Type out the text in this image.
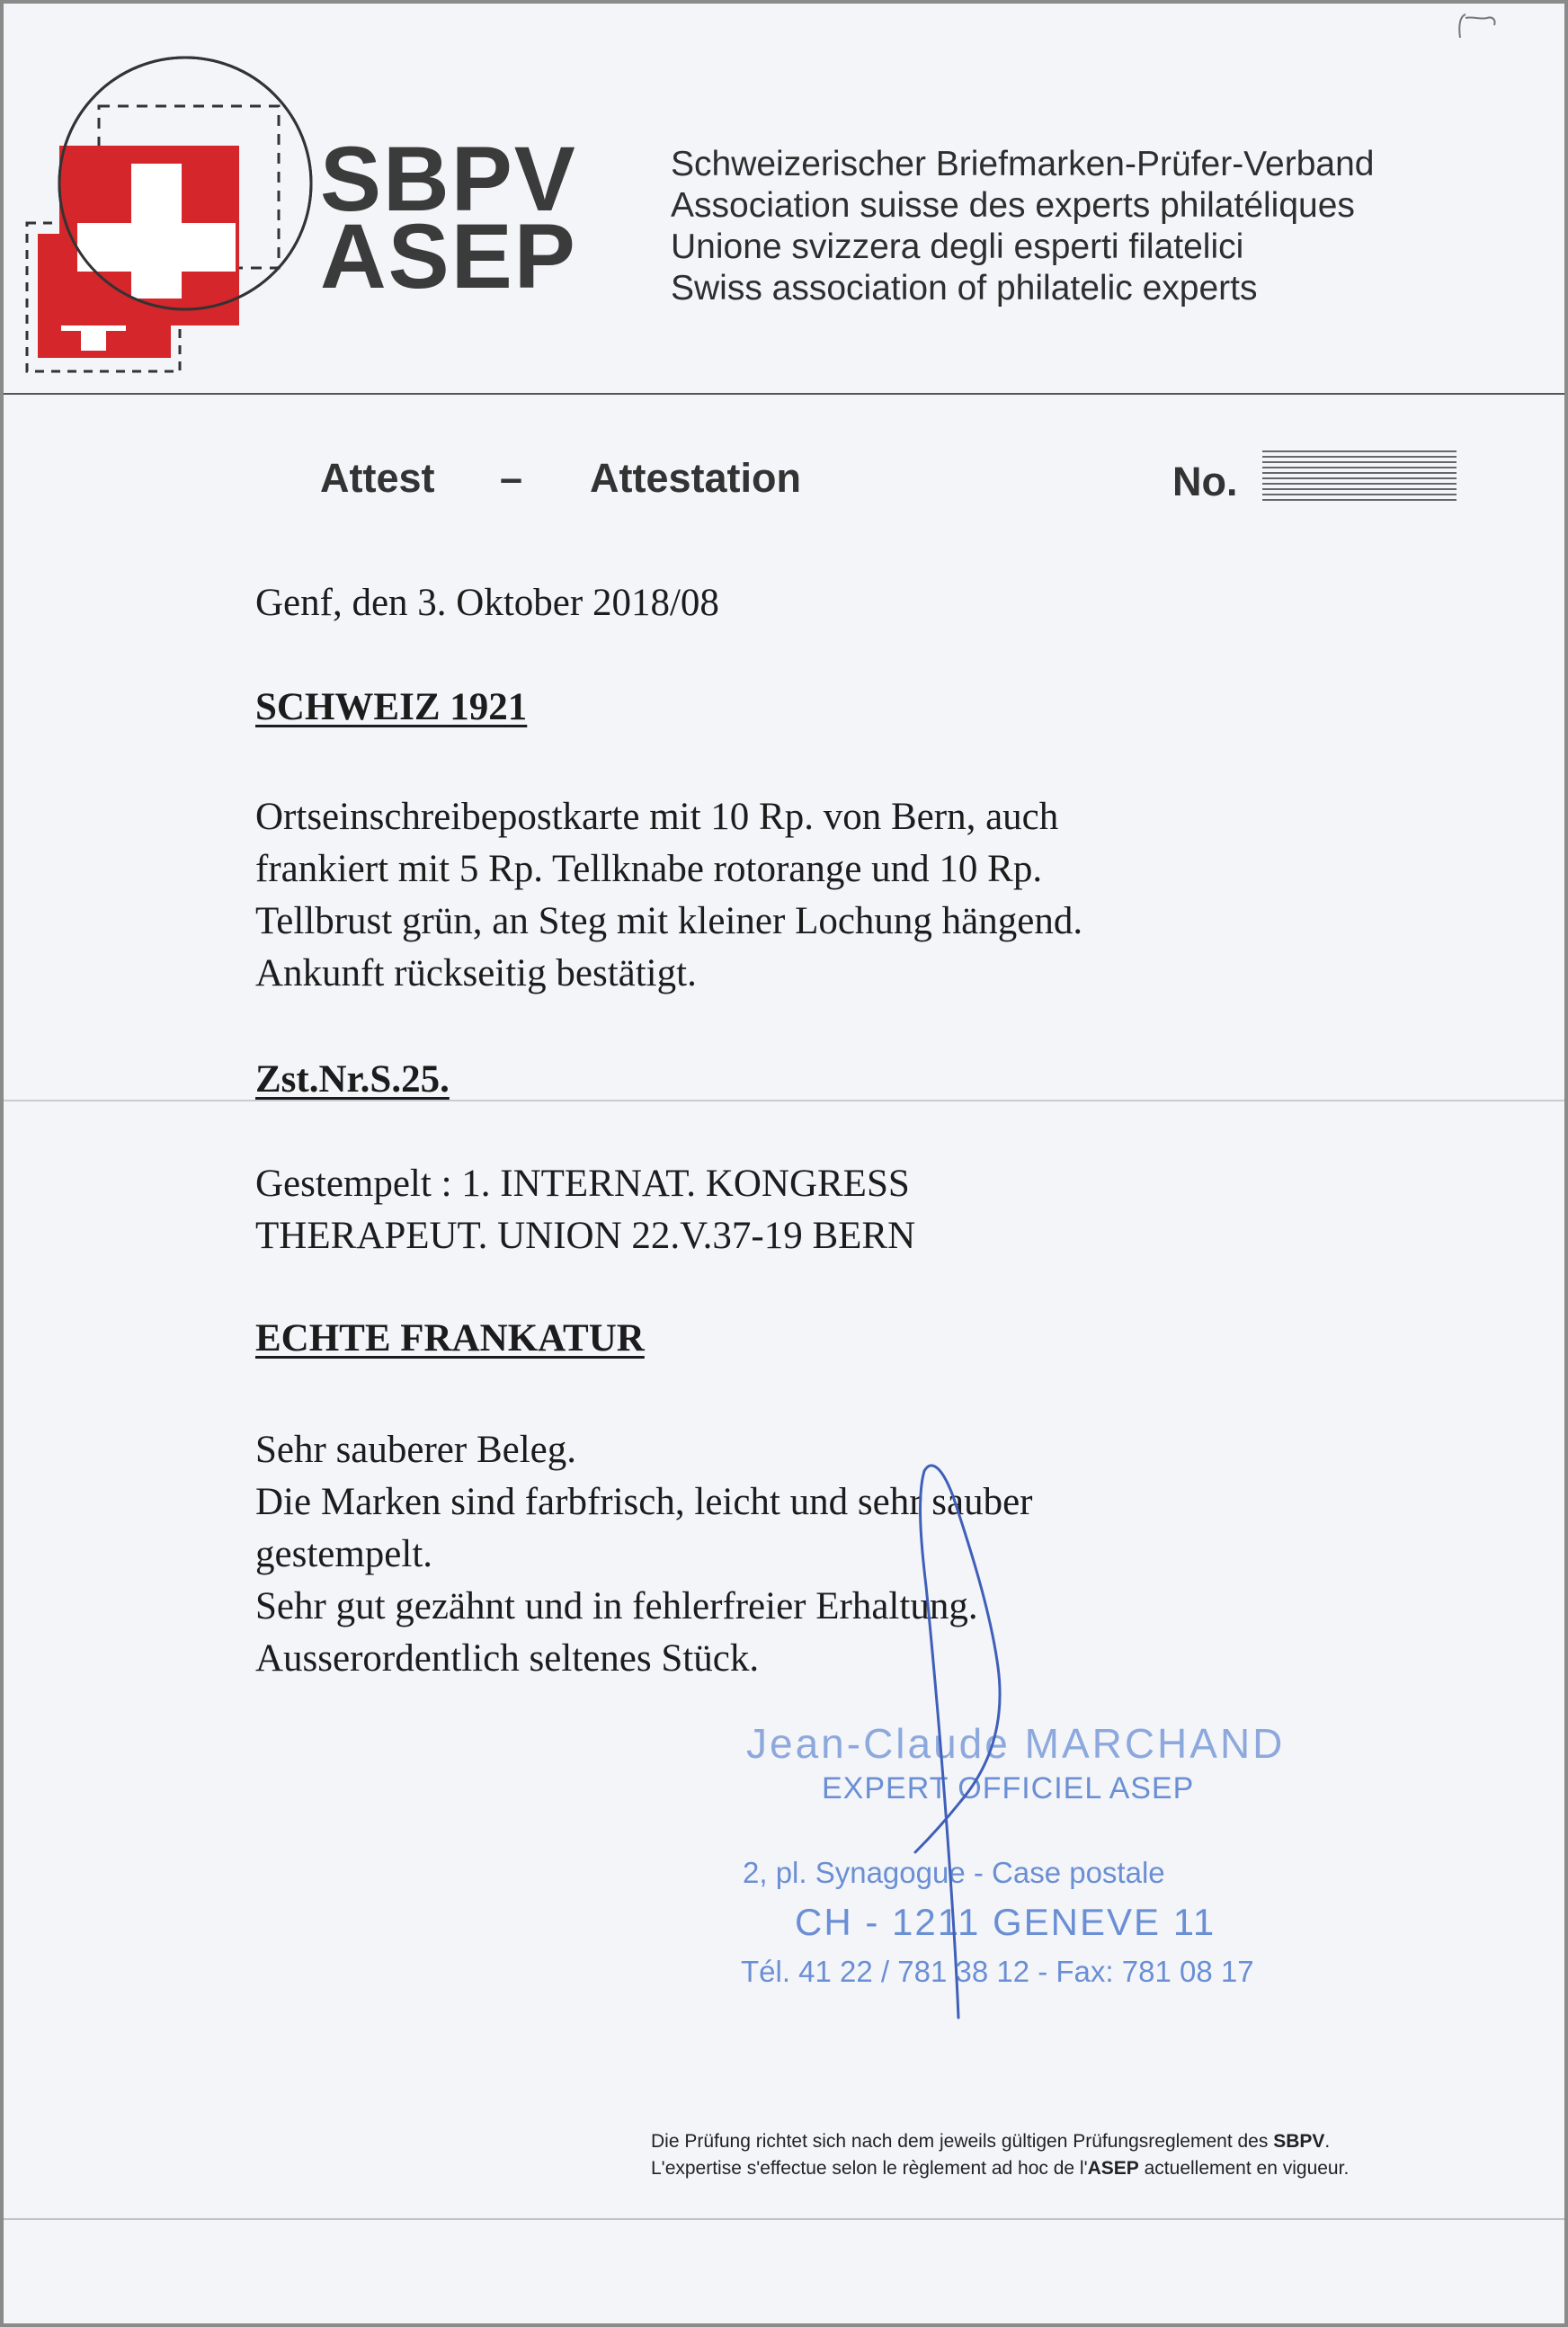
SBPV
ASEP
Schweizerischer Briefmarken-Prüfer-Verband
Association suisse des experts philatéliques
Unione svizzera degli esperti filatelici
Swiss association of philatelic experts
Attest – Attestation	No.
Genf, den 3. Oktober 2018/08
SCHWEIZ 1921
Ortseinschreibepostkarte mit 10 Rp. von Bern, auch
frankiert mit 5 Rp. Tellknabe rotorange und 10 Rp.
Tellbrust grün, an Steg mit kleiner Lochung hängend.
Ankunft rückseitig bestätigt.
Zst.Nr.S.25.
Gestempelt : 1. INTERNAT. KONGRESS
THERAPEUT. UNION 22.V.37-19 BERN
ECHTE FRANKATUR
Sehr sauberer Beleg.
Die Marken sind farbfrisch, leicht und sehr sauber
gestempelt.
Sehr gut gezähnt und in fehlerfreier Erhaltung.
Ausserordentlich seltenes Stück.
Jean-Claude MARCHAND
EXPERT OFFICIEL ASEP
2, pl. Synagogue - Case postale
CH - 1211 GENEVE 11
Tél. 41 22 / 781 38 12 - Fax: 781 08 17
Die Prüfung richtet sich nach dem jeweils gültigen Prüfungsreglement des SBPV.
L'expertise s'effectue selon le règlement ad hoc de l'ASEP actuellement en vigueur.
